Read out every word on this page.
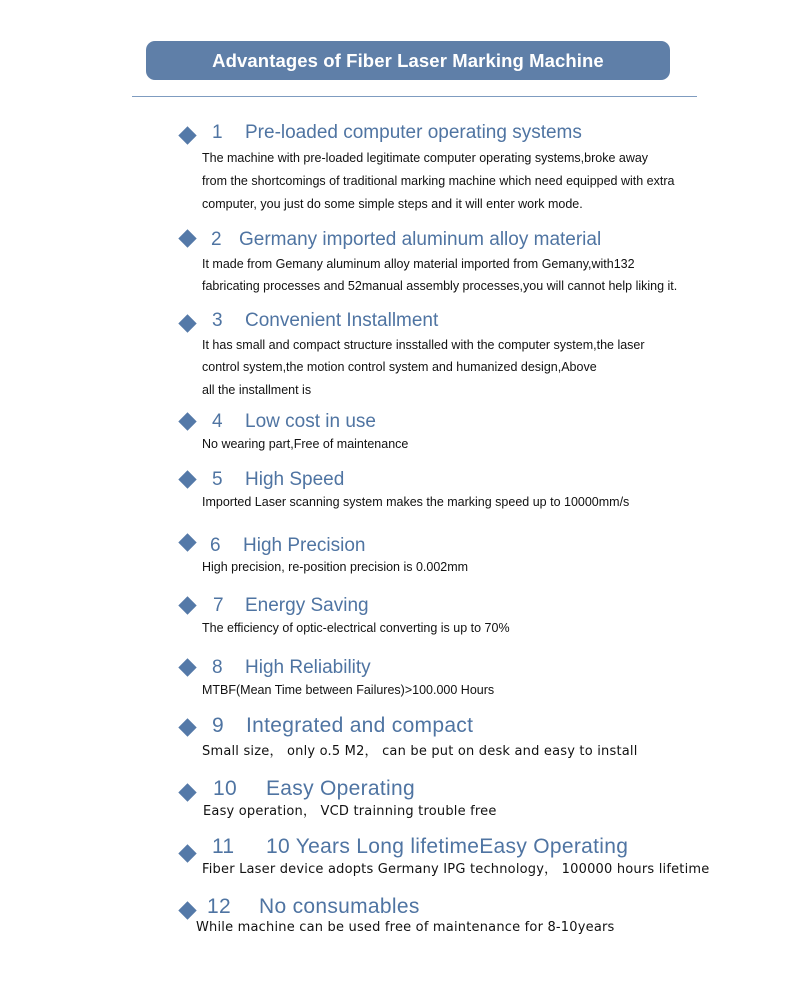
Advantages of Fiber Laser Marking Machine
1 Pre-loaded computer operating systems
The machine with pre-loaded legitimate computer operating systems,broke away
from the shortcomings of traditional marking machine which need equipped with extra
computer, you just do some simple steps and it will enter work mode.
2 Germany imported aluminum alloy material
It made from Gemany aluminum alloy material imported from Gemany,with132
fabricating processes and 52manual assembly processes,you will cannot help liking it.
3 Convenient Installment
It has small and compact structure insstalled with the computer system,the laser
control system,the motion control system and humanized design,Above
all the installment is
4 Low cost in use
No wearing part,Free of maintenance
5 High Speed
Imported Laser scanning system makes the marking speed up to 10000mm/s
6 High Precision
High precision, re-position precision is 0.002mm
7 Energy Saving
The efficiency of optic-electrical converting is up to 70%
8 High Reliability
MTBF(Mean Time between Failures)>100.000 Hours
9 Integrated and compact
Small size， only o.5 M2， can be put on desk and easy to install
10 Easy Operating
Easy operation， VCD trainning trouble free
11 10 Years Long lifetimeEasy Operating
Fiber Laser device adopts Germany IPG technology， 100000 hours lifetime
12 No consumables
While machine can be used free of maintenance for 8-10years
